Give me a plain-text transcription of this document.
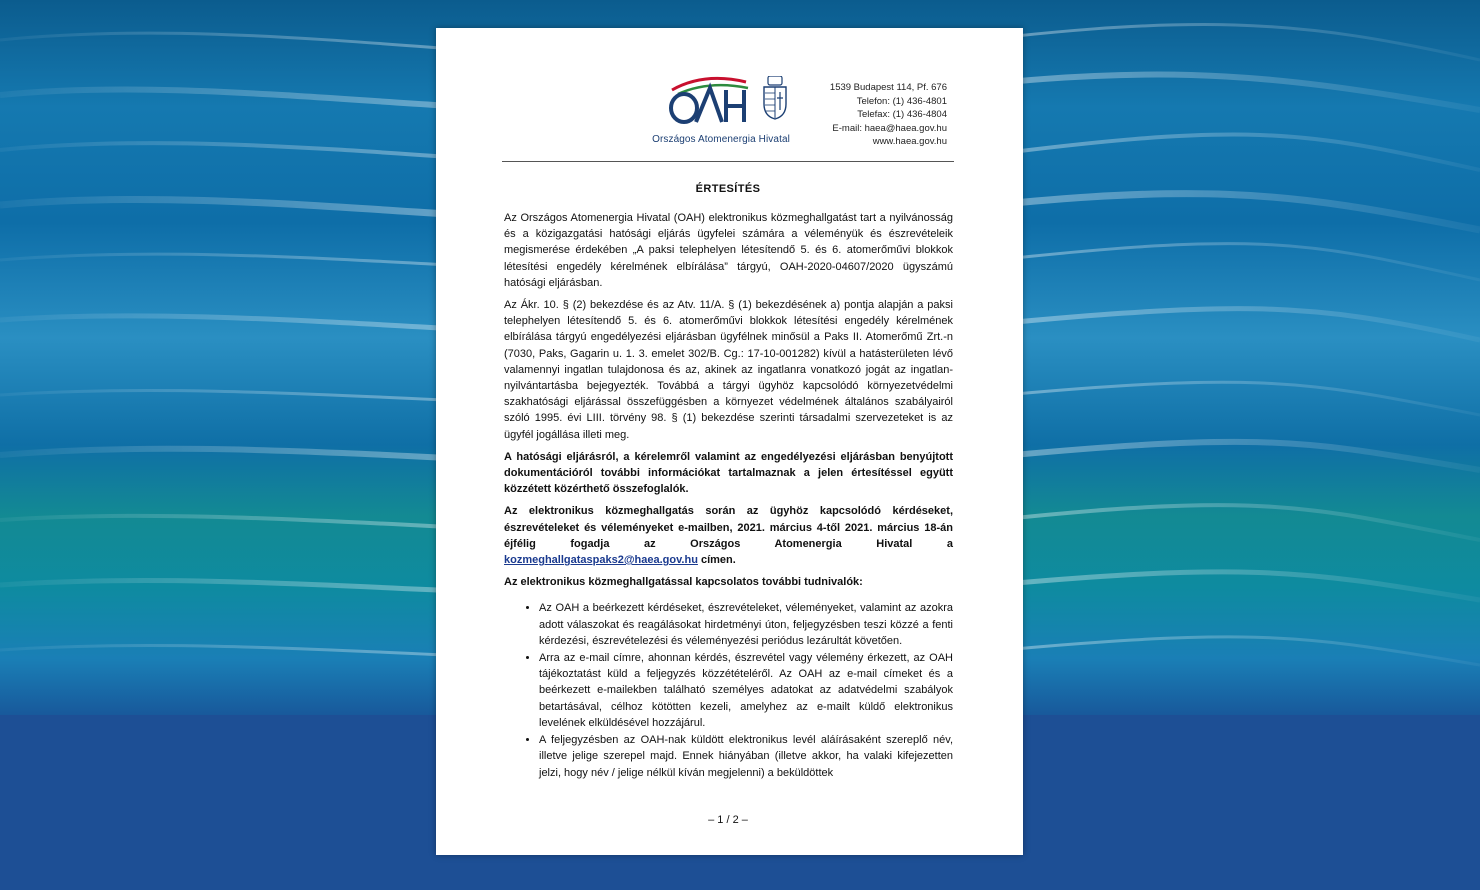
Országos Atomenergia Hivatal
1539 Budapest 114, Pf. 676
Telefon: (1) 436-4801
Telefax: (1) 436-4804
E-mail: haea@haea.gov.hu
www.haea.gov.hu
ÉRTESÍTÉS

Az Országos Atomenergia Hivatal (OAH) elektronikus közmeghallgatást tart a nyilvánosság és a közigazgatási hatósági eljárás ügyfelei számára a véleményük és észrevételeik megismerése érdekében „A paksi telephelyen létesítendő 5. és 6. atomerőművi blokkok létesítési engedély kérelmének elbírálása” tárgyú, OAH-2020-04607/2020 ügyszámú hatósági eljárásban.

Az Ákr. 10. § (2) bekezdése és az Atv. 11/A. § (1) bekezdésének a) pontja alapján a paksi telephelyen létesítendő 5. és 6. atomerőművi blokkok létesítési engedély kérelmének elbírálása tárgyú engedélyezési eljárásban ügyfélnek minősül a Paks II. Atomerőmű Zrt.-n (7030, Paks, Gagarin u. 1. 3. emelet 302/B. Cg.: 17-10-001282) kívül a hatásterületen lévő valamennyi ingatlan tulajdonosa és az, akinek az ingatlanra vonatkozó jogát az ingatlan-nyilvántartásba bejegyezték. Továbbá a tárgyi ügyhöz kapcsolódó környezetvédelmi szakhatósági eljárással összefüggésben a környezet védelmének általános szabályairól szóló 1995. évi LIII. törvény 98. § (1) bekezdése szerinti társadalmi szervezeteket is az ügyfél jogállása illeti meg.

A hatósági eljárásról, a kérelemről valamint az engedélyezési eljárásban benyújtott dokumentációról további információkat tartalmaznak a jelen értesítéssel együtt közzétett közérthető összefoglalók.

Az elektronikus közmeghallgatás során az ügyhöz kapcsolódó kérdéseket, észrevételeket és véleményeket e-mailben, 2021. március 4-től 2021. március 18-án éjfélig fogadja az Országos Atomenergia Hivatal a kozmeghallgataspaks2@haea.gov.hu címen.

Az elektronikus közmeghallgatással kapcsolatos további tudnivalók:

• Az OAH a beérkezett kérdéseket, észrevételeket, véleményeket, valamint az azokra adott válaszokat és reagálásokat hirdetményi úton, feljegyzésben teszi közzé a fenti kérdezési, észrevételezési és véleményezési periódus lezárultát követően.
• Arra az e-mail címre, ahonnan kérdés, észrevétel vagy vélemény érkezett, az OAH tájékoztatást küld a feljegyzés közzétételéről. Az OAH az e-mail címeket és a beérkezett e-mailekben található személyes adatokat az adatvédelmi szabályok betartásával, célhoz kötötten kezeli, amelyhez az e-mailt küldő elektronikus levelének elküldésével hozzájárul.
• A feljegyzésben az OAH-nak küldött elektronikus levél aláírásaként szereplő név, illetve jelige szerepel majd. Ennek hiányában (illetve akkor, ha valaki kifejezetten jelzi, hogy név / jelige nélkül kíván megjelenni) a beküldöttek
– 1 / 2 –
